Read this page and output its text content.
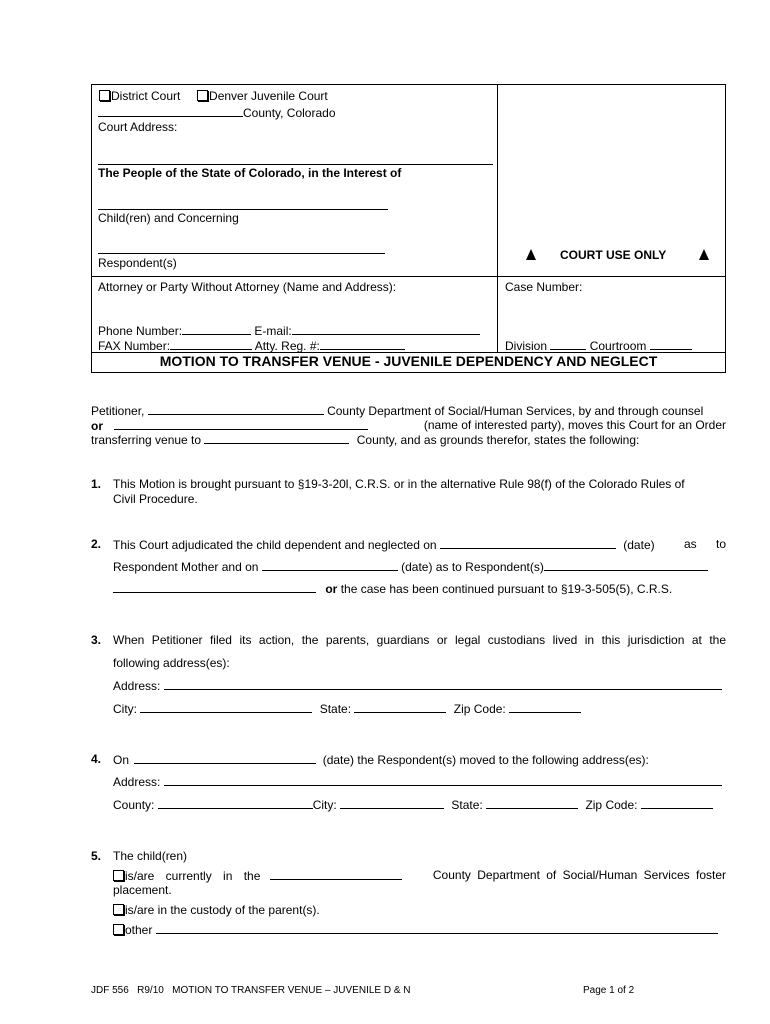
District Court Denver Juvenile Court
County, Colorado
Court Address:
The People of the State of Colorado, in the Interest of
Child(ren) and Concerning
Respondent(s)
COURT USE ONLY
Attorney or Party Without Attorney (Name and Address):	Case Number:
Phone Number:	E-mail:
FAX Number:	Atty. Reg. #:	Division	Courtroom
MOTION TO TRANSFER VENUE - JUVENILE DEPENDENCY AND NEGLECT
Petitioner,	County Department of Social/Human Services, by and through counsel
or	(name of interested party), moves this Court for an Order
transferring venue to	County, and as grounds therefor, states the following:
1. This Motion is brought pursuant to §19-3-20l, C.R.S. or in the alternative Rule 98(f) of the Colorado Rules of
Civil Procedure.
2. This Court adjudicated the child dependent and neglected on	(date) as to
Respondent Mother and on	(date) as to Respondent(s)
or the case has been continued pursuant to §19-3-505(5), C.R.S.
3. When Petitioner filed its action, the parents, guardians or legal custodians lived in this jurisdiction at the
following address(es):
Address:
City:	State:	Zip Code:
4. On	(date) the Respondent(s) moved to the following address(es):
Address:
County:	City:	State:	Zip Code:
5. The child(ren)
is/are currently in the	County Department of Social/Human Services foster
placement.
is/are in the custody of the parent(s).
other
JDF 556   R9/10   MOTION TO TRANSFER VENUE – JUVENILE D & N	Page 1 of 2
